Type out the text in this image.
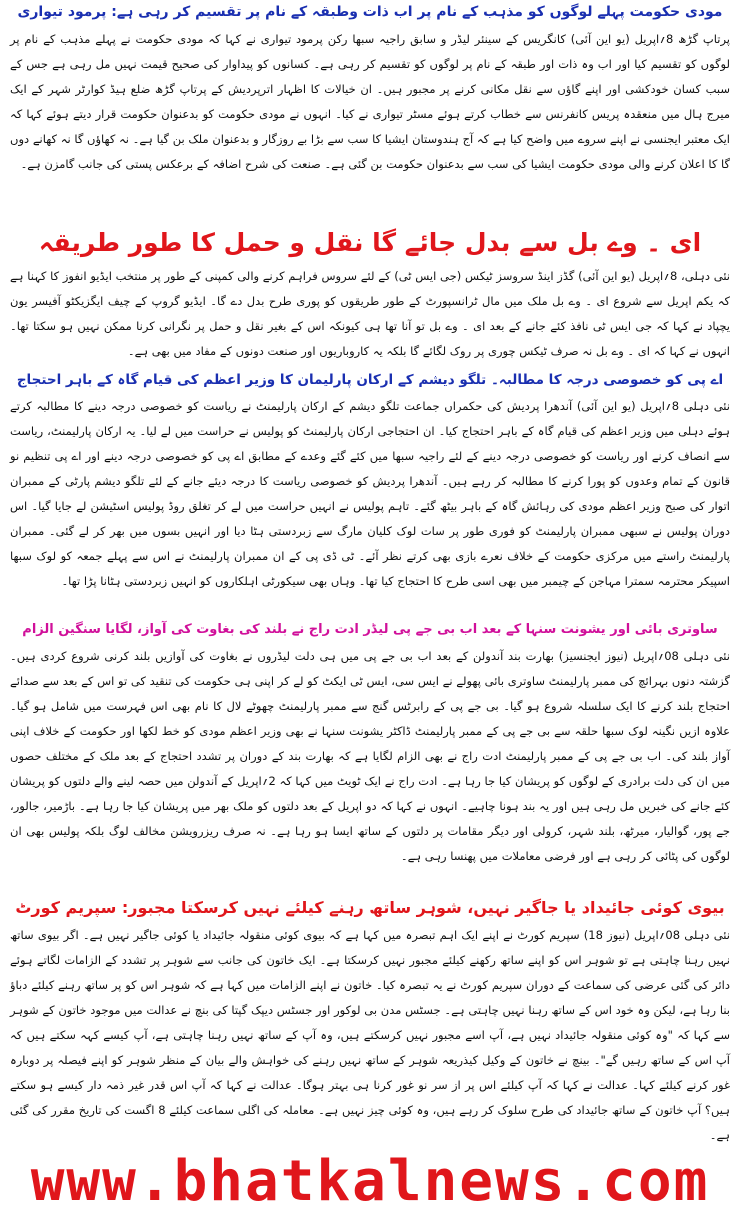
مودی حکومت پہلے لوگوں کو مذہب کے نام پر اب ذات وطبقہ کے نام پر تقسیم کر رہی ہے: پرمود تیواری
پرتاپ گڑھ 8؍اپریل (یو این آئی) کانگریس کے سینئر لیڈر و سابق راجیہ سبھا رکن پرمود تیواری نے کہا کہ مودی حکومت نے پہلے مذہب کے نام پر لوگوں کو تقسیم کیا اور اب وہ ذات اور طبقہ کے نام پر لوگوں کو تقسیم کر رہی ہے۔ کسانوں کو پیداوار کی صحیح قیمت نہیں مل رہی ہے جس کے سبب کسان خودکشی اور اپنے گاؤں سے نقل مکانی کرنے پر مجبور ہیں۔ ان خیالات کا اظہار اترپردیش کے پرتاپ گڑھ ضلع ہیڈ کوارٹر شہر کے ایک میرج ہال میں منعقدہ پریس کانفرنس سے خطاب کرتے ہوئے مسٹر تیواری نے کیا۔ انہوں نے مودی حکومت کو بدعنوان حکومت قرار دیتے ہوئے کہا کہ ایک معتبر ایجنسی نے اپنے سروے میں واضح کیا ہے کہ آج ہندوستان ایشیا کا سب سے بڑا بے روزگار و بدعنوان ملک بن گیا ہے۔ نہ کھاؤں گا نہ کھانے دوں گا کا اعلان کرنے والی مودی حکومت ایشیا کی سب سے بدعنوان حکومت بن گئی ہے۔ صنعت کی شرح اضافہ کے برعکس پستی کی جانب گامزن ہے۔
ای ۔ وے بل سے بدل جائے گا نقل و حمل کا طور طریقہ
نئی دہلی، 8؍اپریل (یو این آئی) گڈز اینڈ سروسز ٹیکس (جی ایس ٹی) کے لئے سروس فراہم کرنے والی کمپنی کے طور پر منتخب ایڈیو انفوز کا کہنا ہے کہ یکم اپریل سے شروع ای ۔ وے بل ملک میں مال ٹرانسپورٹ کے طور طریقوں کو پوری طرح بدل دے گا۔ ایڈیو گروپ کے چیف ایگزیکٹو آفیسر یون یچپاد نے کہا کہ جی ایس ٹی نافذ کئے جانے کے بعد ای ۔ وے بل تو آنا تھا ہی کیونکہ اس کے بغیر نقل و حمل پر نگرانی کرنا ممکن نہیں ہو سکتا تھا۔ انہوں نے کہا کہ ای ۔ وے بل نہ صرف ٹیکس چوری پر روک لگائے گا بلکہ یہ کاروباریوں اور صنعت دونوں کے مفاد میں بھی ہے۔
اے پی کو خصوصی درجہ کا مطالبہ۔ تلگو دیشم کے ارکان پارلیمان کا وزیر اعظم کی قیام گاہ کے باہر احتجاج
نئی دہلی 8؍اپریل (یو این آئی) آندھرا پردیش کی حکمراں جماعت تلگو دیشم کے ارکان پارلیمنٹ نے ریاست کو خصوصی درجہ دینے کا مطالبہ کرتے ہوئے دہلی میں وزیر اعظم کی قیام گاہ کے باہر احتجاج کیا۔ ان احتجاجی ارکان پارلیمنٹ کو پولیس نے حراست میں لے لیا۔ یہ ارکان پارلیمنٹ، ریاست سے انصاف کرنے اور ریاست کو خصوصی درجہ دینے کے لئے راجیہ سبھا میں کئے گئے وعدے کے مطابق اے پی کو خصوصی درجہ دینے اور اے پی تنظیم نو قانون کے تمام وعدوں کو پورا کرنے کا مطالبہ کر رہے ہیں۔ آندھرا پردیش کو خصوصی ریاست کا درجہ دیئے جانے کے لئے تلگو دیشم پارٹی کے ممبران اتوار کی صبح وزیر اعظم مودی کی رہائش گاہ کے باہر بیٹھ گئے۔ تاہم پولیس نے انہیں حراست میں لے کر تغلق روڈ پولیس اسٹیشن لے جایا گیا۔ اس دوران پولیس نے سبھی ممبران پارلیمنٹ کو فوری طور پر سات لوک کلیان مارگ سے زبردستی ہٹا دیا اور انہیں بسوں میں بھر کر لے گئی۔ ممبران پارلیمنٹ راستے میں مرکزی حکومت کے خلاف نعرے بازی بھی کرتے نظر آئے۔ ٹی ڈی پی کے ان ممبران پارلیمنٹ نے اس سے پہلے جمعہ کو لوک سبھا اسپیکر محترمہ سمترا مہاجن کے چیمبر میں بھی اسی طرح کا احتجاج کیا تھا۔ وہاں بھی سیکورٹی اہلکاروں کو انہیں زبردستی ہٹانا پڑا تھا۔
ساوتری بائی اور یشونت سنہا کے بعد اب بی جے پی لیڈر ادت راج نے بلند کی بغاوت کی آواز، لگایا سنگین الزام
نئی دہلی 08؍اپریل (نیوز ایجنسیز) بھارت بند آندولن کے بعد اب بی جے پی میں ہی دلت لیڈروں نے بغاوت کی آوازیں بلند کرنی شروع کردی ہیں۔ گزشتہ دنوں بہرائچ کی ممبر پارلیمنٹ ساوتری بائی پھولے نے ایس سی، ایس ٹی ایکٹ کو لے کر اپنی ہی حکومت کی تنقید کی تو اس کے بعد سے صدائے احتجاج بلند کرنے کا ایک سلسلہ شروع ہو گیا۔ بی جے پی کے رابرٹس گنج سے ممبر پارلیمنٹ چھوٹے لال کا نام بھی اس فہرست میں شامل ہو گیا۔ علاوہ ازیں نگینہ لوک سبھا حلقہ سے بی جے پی کے ممبر پارلیمنٹ ڈاکٹر یشونت سنہا نے بھی وزیر اعظم مودی کو خط لکھا اور حکومت کے خلاف اپنی آواز بلند کی۔ اب بی جے پی کے ممبر پارلیمنٹ ادت راج نے بھی الزام لگایا ہے کہ بھارت بند کے دوران پر تشدد احتجاج کے بعد ملک کے مختلف حصوں میں ان کی دلت برادری کے لوگوں کو پریشان کیا جا رہا ہے۔ ادت راج نے ایک ٹویٹ میں کہا کہ 2؍اپریل کے آندولن میں حصہ لینے والے دلتوں کو پریشان کئے جانے کی خبریں مل رہی ہیں اور یہ بند ہونا چاہیے۔ انہوں نے کہا کہ دو اپریل کے بعد دلتوں کو ملک بھر میں پریشان کیا جا رہا ہے۔ باڑمیر، جالور، جے پور، گوالیار، میرٹھ، بلند شہر، کرولی اور دیگر مقامات پر دلتوں کے ساتھ ایسا ہو رہا ہے۔ نہ صرف ریزرویشن مخالف لوگ بلکہ پولیس بھی ان لوگوں کی پٹائی کر رہی ہے اور فرضی معاملات میں پھنسا رہی ہے۔
بیوی کوئی جائیداد یا جاگیر نہیں، شوہر ساتھ رہنے کیلئے نہیں کرسکتا مجبور: سپریم کورٹ
نئی دہلی 08؍اپریل (نیوز 18) سپریم کورٹ نے اپنے ایک اہم تبصرہ میں کہا ہے کہ بیوی کوئی منقولہ جائیداد یا کوئی جاگیر نہیں ہے۔ اگر بیوی ساتھ نہیں رہنا چاہتی ہے تو شوہر اس کو اپنے ساتھ رکھنے کیلئے مجبور نہیں کرسکتا ہے۔ ایک خاتون کی جانب سے شوہر پر تشدد کے الزامات لگاتے ہوئے دائر کی گئی عرضی کی سماعت کے دوران سپریم کورٹ نے یہ تبصرہ کیا۔ خاتون نے اپنے الزامات میں کہا ہے کہ شوہر اس کو پر ساتھ رہنے کیلئے دباؤ بنا رہا ہے، لیکن وہ خود اس کے ساتھ رہنا نہیں چاہتی ہے۔ جسٹس مدن بی لوکور اور جسٹس دیپک گپتا کی بنچ نے عدالت میں موجود خاتون کے شوہر سے کہا کہ "وہ کوئی منقولہ جائیداد نہیں ہے، آپ اسے مجبور نہیں کرسکتے ہیں، وہ آپ کے ساتھ نہیں رہنا چاہتی ہے، آپ کیسے کہہ سکتے ہیں کہ آپ اس کے ساتھ رہیں گے"۔ بینچ نے خاتون کے وکیل کیذریعہ شوہر کے ساتھ نہیں رہنے کی خواہش والے بیان کے منظر شوہر کو اپنے فیصلہ پر دوبارہ غور کرنے کیلئے کہا۔ عدالت نے کہا کہ آپ کیلئے اس پر از سر نو غور کرنا ہی بہتر ہوگا۔ عدالت نے کہا کہ آپ اس قدر غیر ذمہ دار کیسے ہو سکتے ہیں؟ آپ خاتون کے ساتھ جائیداد کی طرح سلوک کر رہے ہیں، وہ کوئی چیز نہیں ہے۔ معاملہ کی اگلی سماعت کیلئے 8 اگست کی تاریخ مقرر کی گئی ہے۔
www.bhatkalnews.com
